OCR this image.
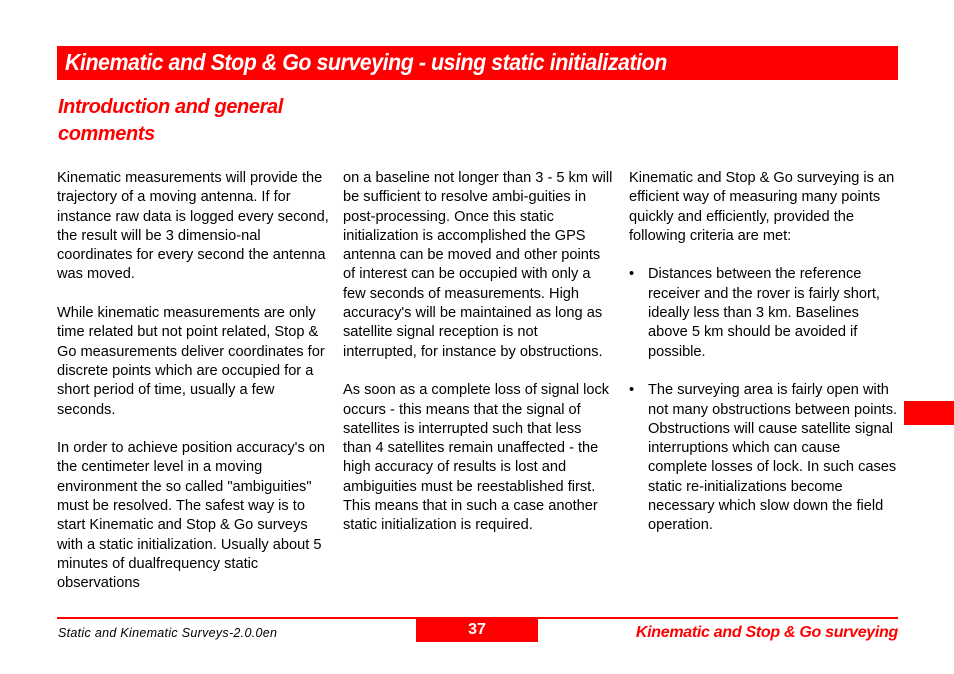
Kinematic and Stop & Go surveying - using static initialization
Introduction and general comments

Kinematic measurements will provide the trajectory of a moving antenna. If for instance raw data is logged every second, the result will be 3 dimensio-nal coordinates for every second the antenna was moved.

While kinematic measurements are only time related but not point related, Stop & Go measurements deliver coordinates for discrete points which are occupied for a short period of time, usually a few seconds.

In order to achieve position accuracy's on the centimeter level in a moving environment the so called "ambiguities" must be resolved. The safest way is to start Kinematic and Stop & Go surveys with a static initialization. Usually about 5 minutes of dualfrequency static observations

on a baseline not longer than 3 - 5 km will be sufficient to resolve ambi-guities in post-processing. Once this static initialization is accomplished the GPS antenna can be moved and other points of interest can be occupied with only a few seconds of measurements. High accuracy's will be maintained as long as satellite signal reception is not interrupted, for instance by obstructions.

As soon as a complete loss of signal lock occurs - this means that the signal of satellites is interrupted such that less than 4 satellites remain unaffected - the high accuracy of results is lost and ambiguities must be reestablished first. This means that in such a case another static initialization is required.

Kinematic and Stop & Go surveying is an efficient way of measuring many points quickly and efficiently, provided the following criteria are met:

• Distances between the reference receiver and the rover is fairly short, ideally less than 3 km. Baselines above 5 km should be avoided if possible.
• The surveying area is fairly open with not many obstructions between points. Obstructions will cause satellite signal interruptions which can cause complete losses of lock. In such cases static re-initializations become necessary which slow down the field operation.
Static and Kinematic Surveys-2.0.0en	37	Kinematic and Stop & Go surveying
